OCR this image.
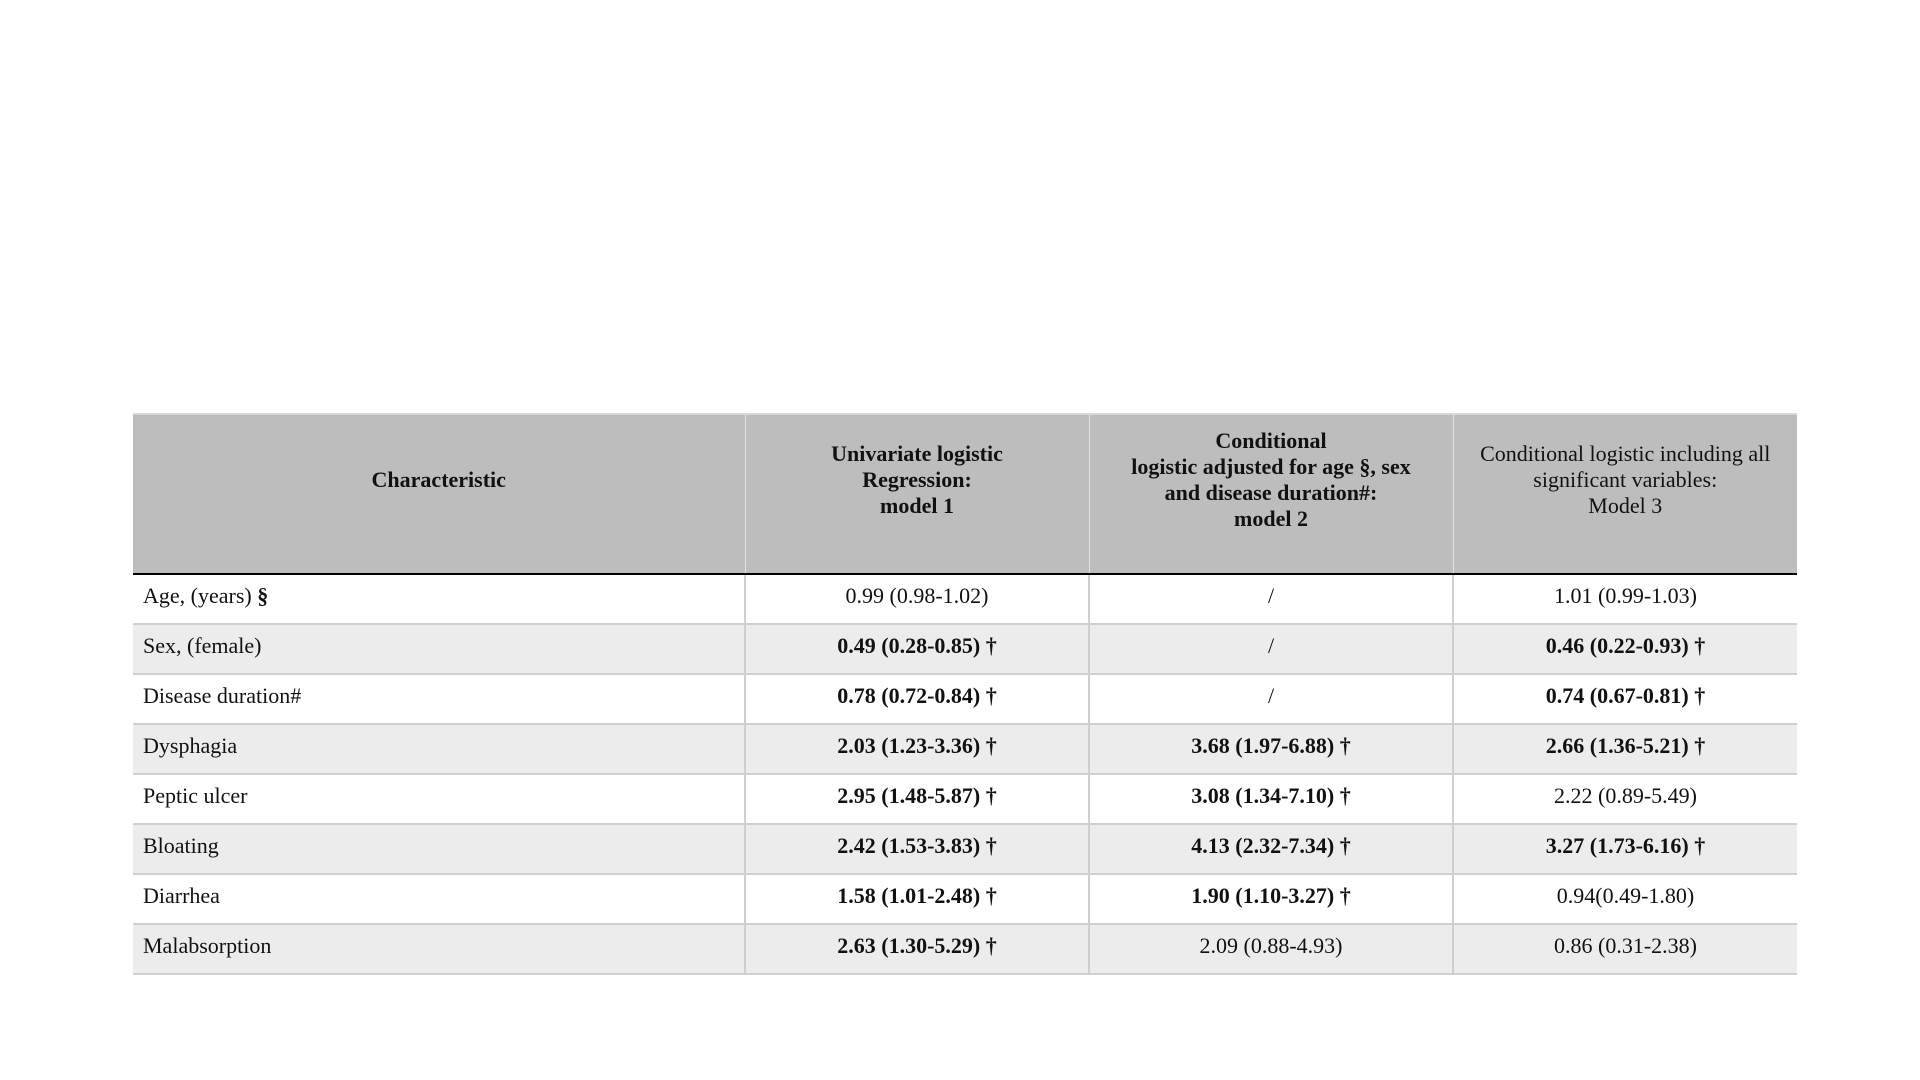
Characteristic	Univariate logistic
Regression:
model 1	Conditional
logistic adjusted for age §, sex
and disease duration#:
model 2	Conditional logistic including all
significant variables:
Model 3

Age, (years) §	0.99 (0.98-1.02)	/	1.01 (0.99-1.03)
Sex, (female)	0.49 (0.28-0.85) †	/	0.46 (0.22-0.93) †
Disease duration#	0.78 (0.72-0.84) †	/	0.74 (0.67-0.81) †
Dysphagia	2.03 (1.23-3.36) †	3.68 (1.97-6.88) †	2.66 (1.36-5.21) †
Peptic ulcer	2.95 (1.48-5.87) †	3.08 (1.34-7.10) †	2.22 (0.89-5.49)
Bloating	2.42 (1.53-3.83) †	4.13 (2.32-7.34) †	3.27 (1.73-6.16) †
Diarrhea	1.58 (1.01-2.48) †	1.90 (1.10-3.27) †	0.94(0.49-1.80)
Malabsorption	2.63 (1.30-5.29) †	2.09 (0.88-4.93)	0.86 (0.31-2.38)
